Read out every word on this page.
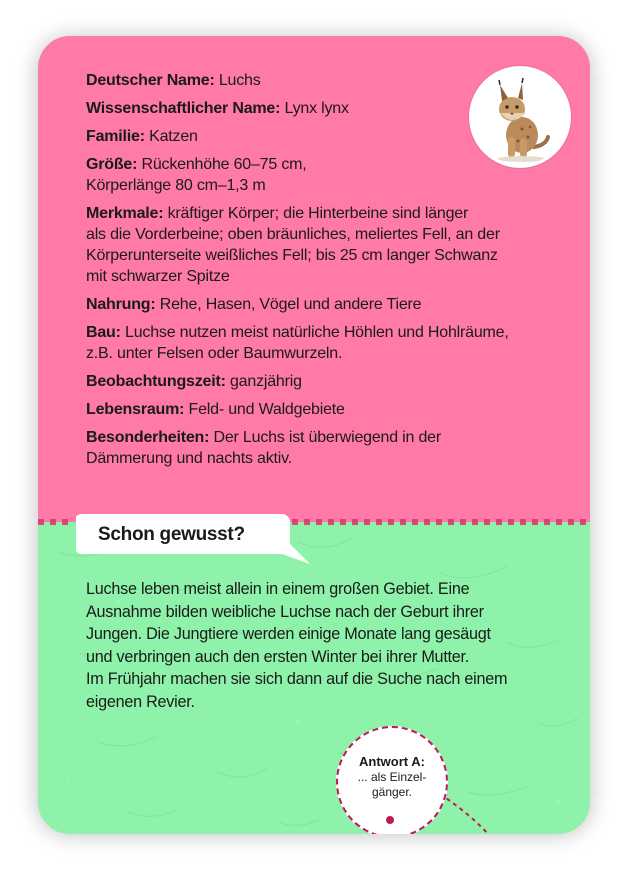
Deutscher Name: Luchs
Wissenschaftlicher Name: Lynx lynx
Familie: Katzen
Größe: Rückenhöhe 60–75 cm,
Körperlänge 80 cm–1,3 m
Merkmale: kräftiger Körper; die Hinterbeine sind länger
als die Vorderbeine; oben bräunliches, meliertes Fell, an der
Körperunterseite weißliches Fell; bis 25 cm langer Schwanz
mit schwarzer Spitze
Nahrung: Rehe, Hasen, Vögel und andere Tiere
Bau: Luchse nutzen meist natürliche Höhlen und Hohlräume,
z.B. unter Felsen oder Baumwurzeln.
Beobachtungszeit: ganzjährig
Lebensraum: Feld- und Waldgebiete
Besonderheiten: Der Luchs ist überwiegend in der
Dämmerung und nachts aktiv.
Schon gewusst?
Luchse leben meist allein in einem großen Gebiet. Eine
Ausnahme bilden weibliche Luchse nach der Geburt ihrer
Jungen. Die Jungtiere werden einige Monate lang gesäugt
und verbringen auch den ersten Winter bei ihrer Mutter.
Im Frühjahr machen sie sich dann auf die Suche nach einem
eigenen Revier.
Antwort A:
... als Einzel-
gänger.
